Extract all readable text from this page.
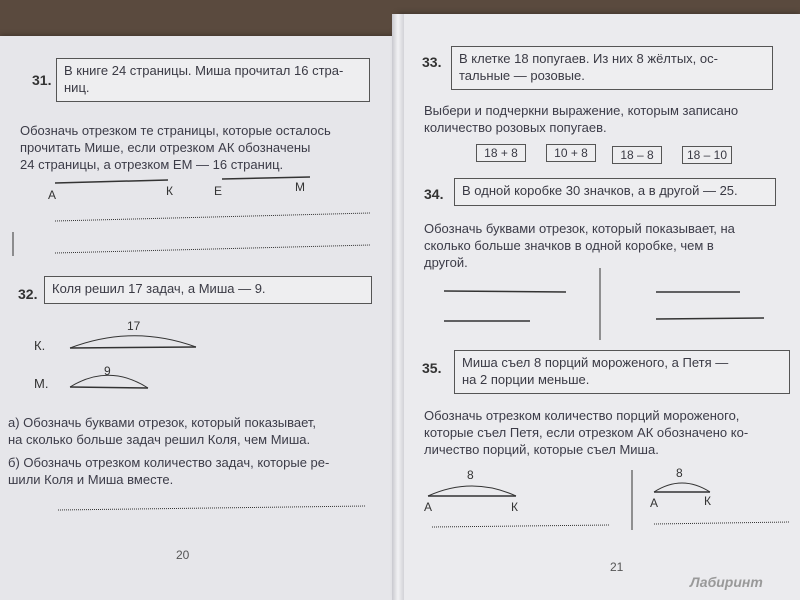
31.
В книге 24 страницы. Миша прочитал 16 стра-
ниц.
Обозначь отрезком те страницы, которые осталось
прочитать Мише, если отрезком АК обозначены
24 страницы, а отрезком ЕМ — 16 страниц.
А	К	Е	М
32. Коля решил 17 задач, а Миша — 9.
К.
М.
17
9
а) Обозначь буквами отрезок, который показывает,
на сколько больше задач решил Коля, чем Миша.
б) Обозначь отрезком количество задач, которые ре-
шили Коля и Миша вместе.
20
33. В клетке 18 попугаев. Из них 8 жёлтых, ос-
тальные — розовые.
Выбери и подчеркни выражение, которым записано
количество розовых попугаев.
18 + 8	10 + 8	18 – 8	18 – 10
34. В одной коробке 30 значков, а в другой — 25.
Обозначь буквами отрезок, который показывает, на
сколько больше значков в одной коробке, чем в
другой.
35. Миша съел 8 порций мороженого, а Петя —
на 2 порции меньше.
Обозначь отрезком количество порций мороженого,
которые съел Петя, если отрезком АК обозначено ко-
личество порций, которые съел Миша.
8	8
А	К	А	К
21
Лабиринт
